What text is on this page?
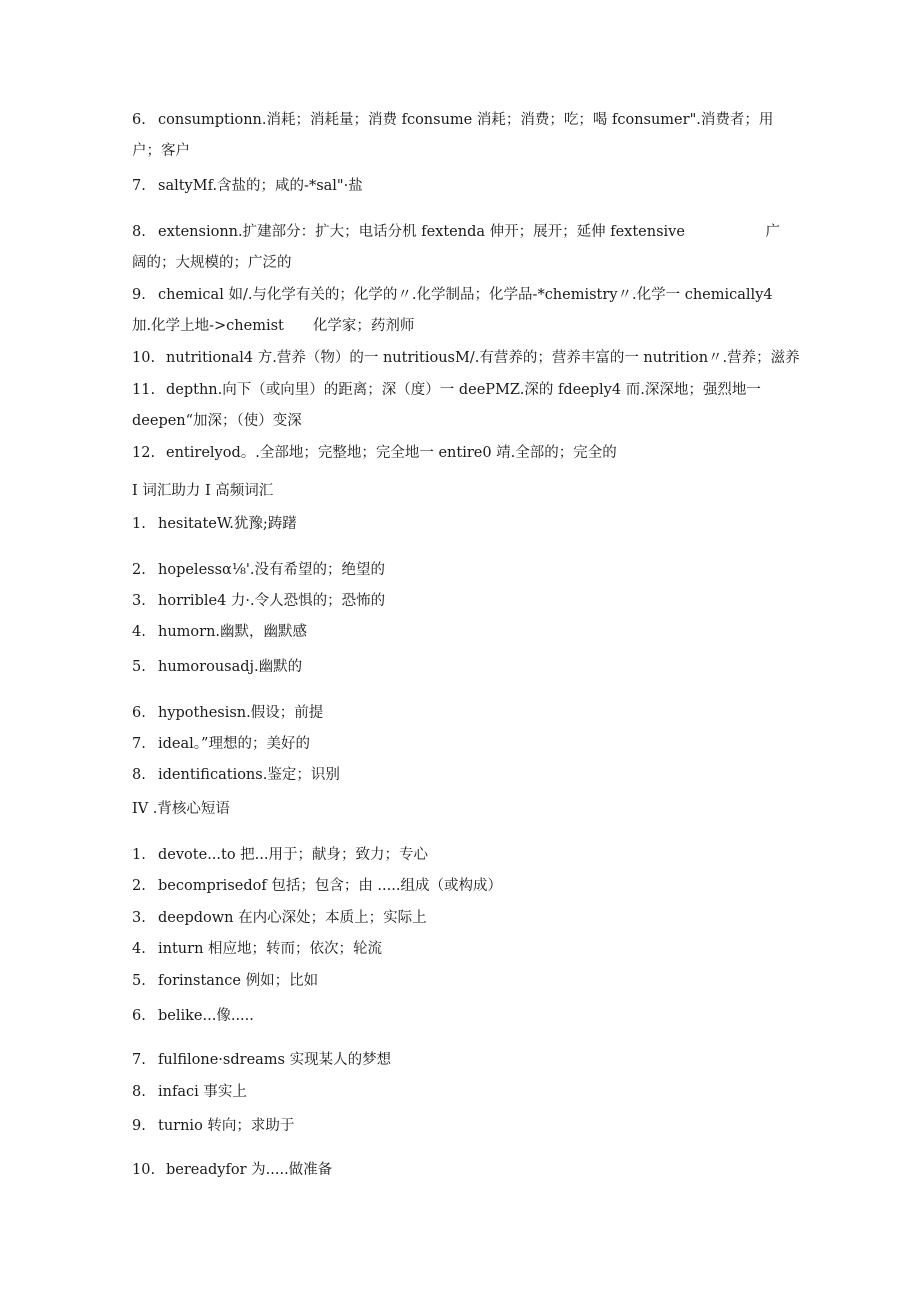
6. consumptionn.消耗；消耗量；消费 fconsume 消耗；消费；吃；喝 fconsumer".消费者；用户；客户
7. saltyMf.含盐的；咸的-*sal"·盐
8. extensionn.扩建部分：扩大；电话分机 fextenda 伸开；展开；延伸 fextensive	广
阔的；大规模的；广泛的
9. chemical 如/.与化学有关的；化学的〃.化学制品；化学品-*chemistry〃.化学一 chemically4
加.化学上地->chemist　　化学家；药剂师
10. nutritional4 方.营养（物）的一 nutritiousM/.有营养的；营养丰富的一 nutrition〃.营养；滋养
11. depthn.向下（或向里）的距离；深（度）一 deePMZ.深的 fdeeply4 而.深深地；强烈地一
deepen“加深；（使）变深
12. entirelyod。.全部地；完整地；完全地一 entire0 靖.全部的；完全的
I 词汇助力 I 高频词汇
1. hesitateW.犹豫;踌躇
2. hopelessα⅛'.没有希望的；绝望的
3. horrible4 力·.令人恐惧的；恐怖的
4. humorn.幽默，幽默感
5. humorousadj.幽默的
6. hypothesisn.假设；前提
7. ideal。”理想的；美好的
8. identifications.鉴定；识别
IV .背核心短语
1. devote...to 把...用于；献身；致力；专心
2. becomprisedof 包括；包含；由 .....组成（或构成）
3. deepdown 在内心深处；本质上；实际上
4. inturn 相应地；转而；依次；轮流
5. forinstance 例如；比如
6. belike...像.....
7. fulfilone·sdreams 实现某人的梦想
8. infaci 事实上
9. turnio 转向；求助于
10. bereadyfor 为.....做准备
